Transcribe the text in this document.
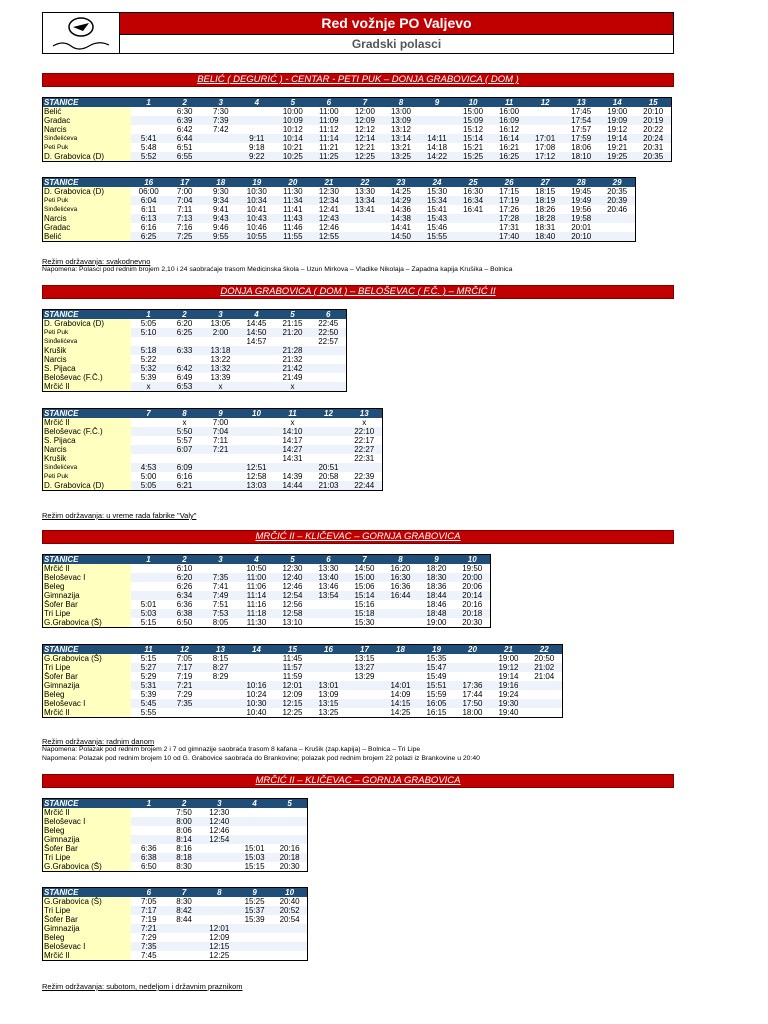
Red vožnje PO Valjevo
Gradski polasci
BELIĆ ( DEGURIĆ ) - CENTAR - PETI PUK – DONJA GRABOVICA ( DOM )
STANICE	1	2	3	4	5	6	7	8	9	10	11	12	13	14	15
Belić		6:30	7:30		10:00	11:00	12:00	13:00		15:00	16:00		17:45	19:00	20:10
Gradac		6:39	7:39		10:09	11:09	12:09	13:09		15:09	16:09		17:54	19:09	20:19
Narcis		6:42	7:42		10:12	11:12	12:12	13:12		15:12	16:12		17:57	19:12	20:22
Sinđelićeva	5:41	6:44		9:11	10:14	11:14	12:14	13:14	14:11	15:14	16:14	17:01	17:59	19:14	20:24
Peti Puk	5:48	6:51		9:18	10:21	11:21	12:21	13:21	14:18	15:21	16:21	17:08	18:06	19:21	20:31
D. Grabovica (D)	5:52	6:55		9:22	10:25	11:25	12:25	13:25	14:22	15:25	16:25	17:12	18:10	19:25	20:35
STANICE	16	17	18	19	20	21	22	23	24	25	26	27	28	29
D. Grabovica (D)	06:00	7:00	9:30	10:30	11:30	12:30	13:30	14:25	15:30	16:30	17:15	18:15	19:45	20:35
Peti Puk	6:04	7:04	9:34	10:34	11:34	12:34	13:34	14:29	15:34	16:34	17:19	18:19	19:49	20:39
Sinđelićeva	6:11	7:11	9:41	10:41	11:41	12:41	13:41	14:36	15:41	16:41	17:26	18:26	19:56	20:46
Narcis	6:13	7:13	9:43	10:43	11:43	12:43		14:38	15:43		17:28	18:28	19:58	
Gradac	6:16	7:16	9:46	10:46	11:46	12:46		14:41	15:46		17:31	18:31	20:01	
Belić	6:25	7:25	9:55	10:55	11:55	12:55		14:50	15:55		17:40	18:40	20:10	
Režim održavanja: svakodnevno
Napomena: Polasci pod rednim brojem 2,10 i 24 saobraćaje trasom Medicinska škola – Uzun Mirkova – Vladike Nikolaja – Zapadna kapija Krušika – Bolnica
DONJA GRABOVICA ( DOM ) – BELOŠEVAC ( F.Č. ) – MRČIĆ II
STANICE	1	2	3	4	5	6
D. Grabovica (D)	5:05	6:20	13:05	14:45	21:15	22:45
Peti Puk	5:10	6:25	2:00	14:50	21:20	22:50
Sinđelićeva				14:57		22:57
Krušik	5:18	6:33	13:18		21:28	
Narcis	5:22		13:22		21:32	
S. Pijaca	5:32	6:42	13:32		21:42	
Beloševac (F.Č.)	5:39	6:49	13:39		21:49	
Mrčić II	x	6:53	x		x	
STANICE	7	8	9	10	11	12	13
Mrčić II		x	7:00		x		x
Beloševac (F.Č.)		5:50	7:04		14:10		22:10
S. Pijaca		5:57	7:11		14:17		22:17
Narcis		6:07	7:21		14:27		22:27
Krušik					14:31		22:31
Sinđelićeva	4:53	6:09		12:51		20:51	
Peti Puk	5:00	6:16		12:58	14:39	20:58	22:39
D. Grabovica (D)	5:05	6:21		13:03	14:44	21:03	22:44
Režim održavanja: u vreme rada fabrike "Valy"
MRČIĆ II – KLIČEVAC – GORNJA GRABOVICA
STANICE	1	2	3	4	5	6	7	8	9	10
Mrčić II		6:10		10:50	12:30	13:30	14:50	16:20	18:20	19:50
Beloševac I		6:20	7:35	11:00	12:40	13:40	15:00	16:30	18:30	20:00
Beleg		6:26	7:41	11:06	12:46	13:46	15:06	16:36	18:36	20:06
Gimnazija		6:34	7:49	11:14	12:54	13:54	15:14	16:44	18:44	20:14
Šofer Bar	5:01	6:36	7:51	11:16	12:56		15:16		18:46	20:16
Tri Lipe	5:03	6:38	7:53	11:18	12:58		15:18		18:48	20:18
G.Grabovica (Š)	5:15	6:50	8:05	11:30	13:10		15:30		19:00	20:30
STANICE	11	12	13	14	15	16	17	18	19	20	21	22
G.Grabovica (Š)	5:15	7:05	8:15		11:45		13:15		15:35		19:00	20:50
Tri Lipe	5:27	7:17	8:27		11:57		13:27		15:47		19:12	21:02
Šofer Bar	5:29	7:19	8:29		11:59		13:29		15:49		19:14	21:04
Gimnazija	5:31	7:21		10:16	12:01	13:01		14:01	15:51	17:36	19:16	
Beleg	5:39	7:29		10:24	12:09	13:09		14:09	15:59	17:44	19:24	
Beloševac I	5:45	7:35		10:30	12:15	13:15		14:15	16:05	17:50	19:30	
Mrčić II	5:55			10:40	12:25	13:25		14:25	16:15	18:00	19:40	
Režim održavanja: radnim danom
Napomena: Polazak pod rednim brojem 2 i 7 od gimnazije saobraća trasom 8 kafana – Krušik (zap.kapija) – Bolnica – Tri Lipe
Napomena: Polazak pod rednim brojem 10 od G. Grabovice saobraća do Brankovine; polazak pod rednim brojem 22 polazi iz Brankovine u 20:40
MRČIĆ II – KLIČEVAC – GORNJA GRABOVICA
STANICE	1	2	3	4	5
Mrčić II		7:50	12:30		
Beloševac I		8:00	12:40		
Beleg		8:06	12:46		
Gimnazija		8:14	12:54		
Šofer Bar	6:36	8:16		15:01	20:16
Tri Lipe	6:38	8:18		15:03	20:18
G.Grabovica (Š)	6:50	8:30		15:15	20:30
STANICE	6	7	8	9	10
G.Grabovica (Š)	7:05	8:30		15:25	20:40
Tri Lipe	7:17	8:42		15:37	20:52
Šofer Bar	7:19	8:44		15:39	20:54
Gimnazija	7:21		12:01		
Beleg	7:29		12:09		
Beloševac I	7:35		12:15		
Mrčić II	7:45		12:25		
Režim održavanja: subotom, nedeljom i državnim praznikom
